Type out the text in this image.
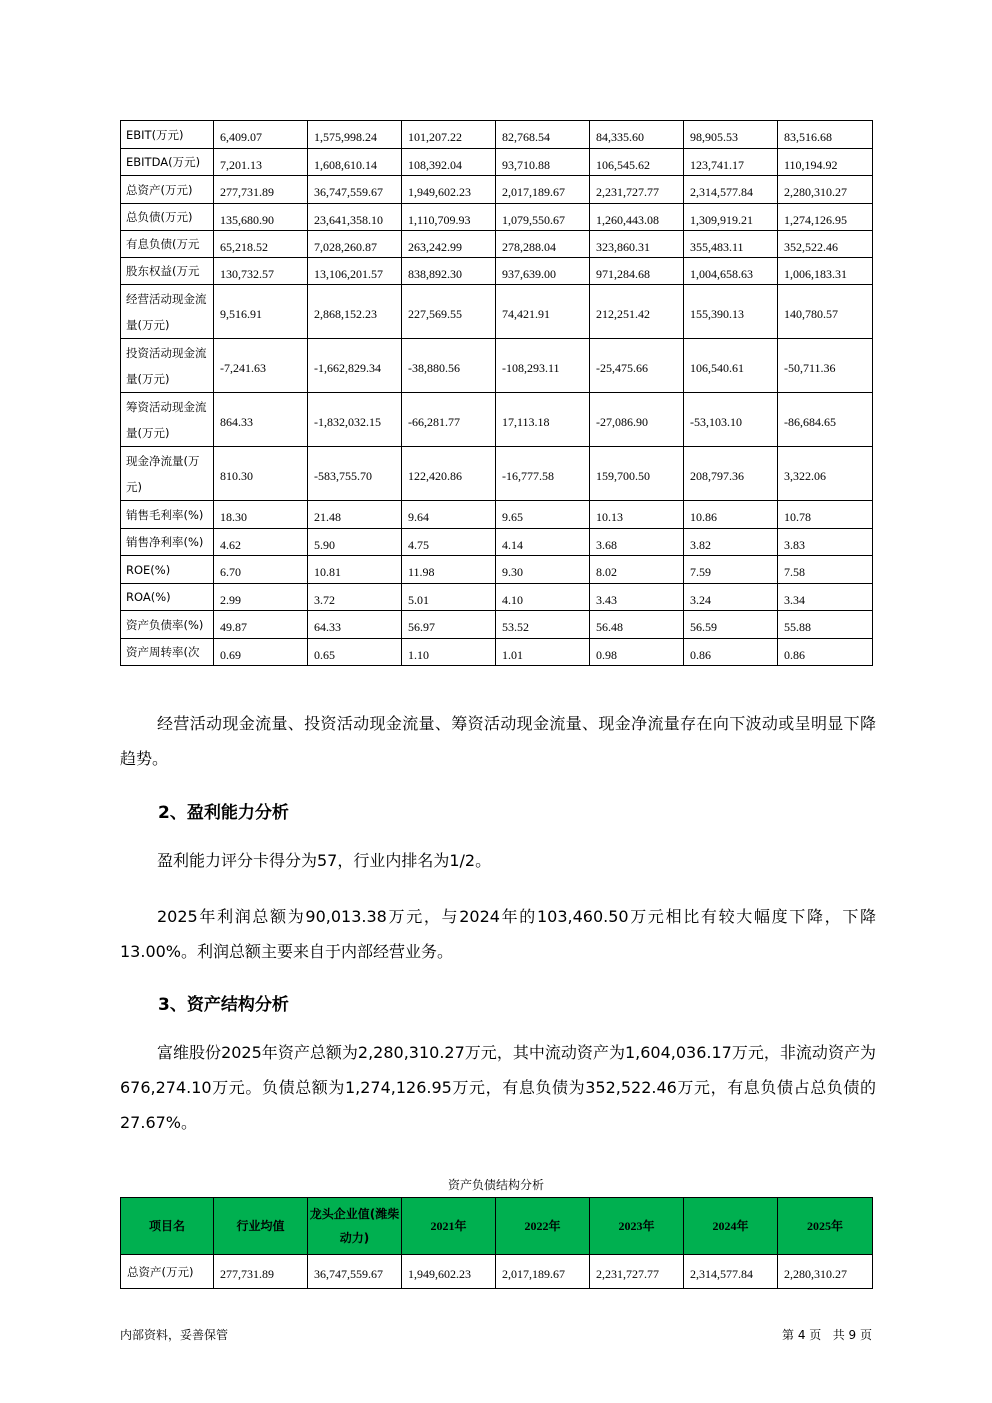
EBIT(万元)	6,409.07	1,575,998.24	101,207.22	82,768.54	84,335.60	98,905.53	83,516.68
EBITDA(万元)	7,201.13	1,608,610.14	108,392.04	93,710.88	106,545.62	123,741.17	110,194.92
总资产(万元)	277,731.89	36,747,559.67	1,949,602.23	2,017,189.67	2,231,727.77	2,314,577.84	2,280,310.27
总负债(万元)	135,680.90	23,641,358.10	1,110,709.93	1,079,550.67	1,260,443.08	1,309,919.21	1,274,126.95
有息负债(万元	65,218.52	7,028,260.87	263,242.99	278,288.04	323,860.31	355,483.11	352,522.46
股东权益(万元	130,732.57	13,106,201.57	838,892.30	937,639.00	971,284.68	1,004,658.63	1,006,183.31
经营活动现金流量(万元)	9,516.91	2,868,152.23	227,569.55	74,421.91	212,251.42	155,390.13	140,780.57
投资活动现金流量(万元)	-7,241.63	-1,662,829.34	-38,880.56	-108,293.11	-25,475.66	106,540.61	-50,711.36
筹资活动现金流量(万元)	864.33	-1,832,032.15	-66,281.77	17,113.18	-27,086.90	-53,103.10	-86,684.65
现金净流量(万元)	810.30	-583,755.70	122,420.86	-16,777.58	159,700.50	208,797.36	3,322.06
销售毛利率(%)	18.30	21.48	9.64	9.65	10.13	10.86	10.78
销售净利率(%)	4.62	5.90	4.75	4.14	3.68	3.82	3.83
ROE(%)	6.70	10.81	11.98	9.30	8.02	7.59	7.58
ROA(%)	2.99	3.72	5.01	4.10	3.43	3.24	3.34
资产负债率(%)	49.87	64.33	56.97	53.52	56.48	56.59	55.88
资产周转率(次	0.69	0.65	1.10	1.01	0.98	0.86	0.86

经营活动现金流量、投资活动现金流量、筹资活动现金流量、现金净流量存在向下波动或呈明显下降趋势。

2、盈利能力分析

盈利能力评分卡得分为57，行业内排名为1/2。

2025年利润总额为90,013.38万元，与2024年的103,460.50万元相比有较大幅度下降，下降13.00%。利润总额主要来自于内部经营业务。

3、资产结构分析

富维股份2025年资产总额为2,280,310.27万元，其中流动资产为1,604,036.17万元，非流动资产为676,274.10万元。负债总额为1,274,126.95万元，有息负债为352,522.46万元，有息负债占总负债的27.67%。

资产负债结构分析
项目名	行业均值	龙头企业值(潍柴动力)	2021年	2022年	2023年	2024年	2025年
总资产(万元)	277,731.89	36,747,559.67	1,949,602.23	2,017,189.67	2,231,727.77	2,314,577.84	2,280,310.27
内部资料，妥善保管	第 4 页   共 9 页
